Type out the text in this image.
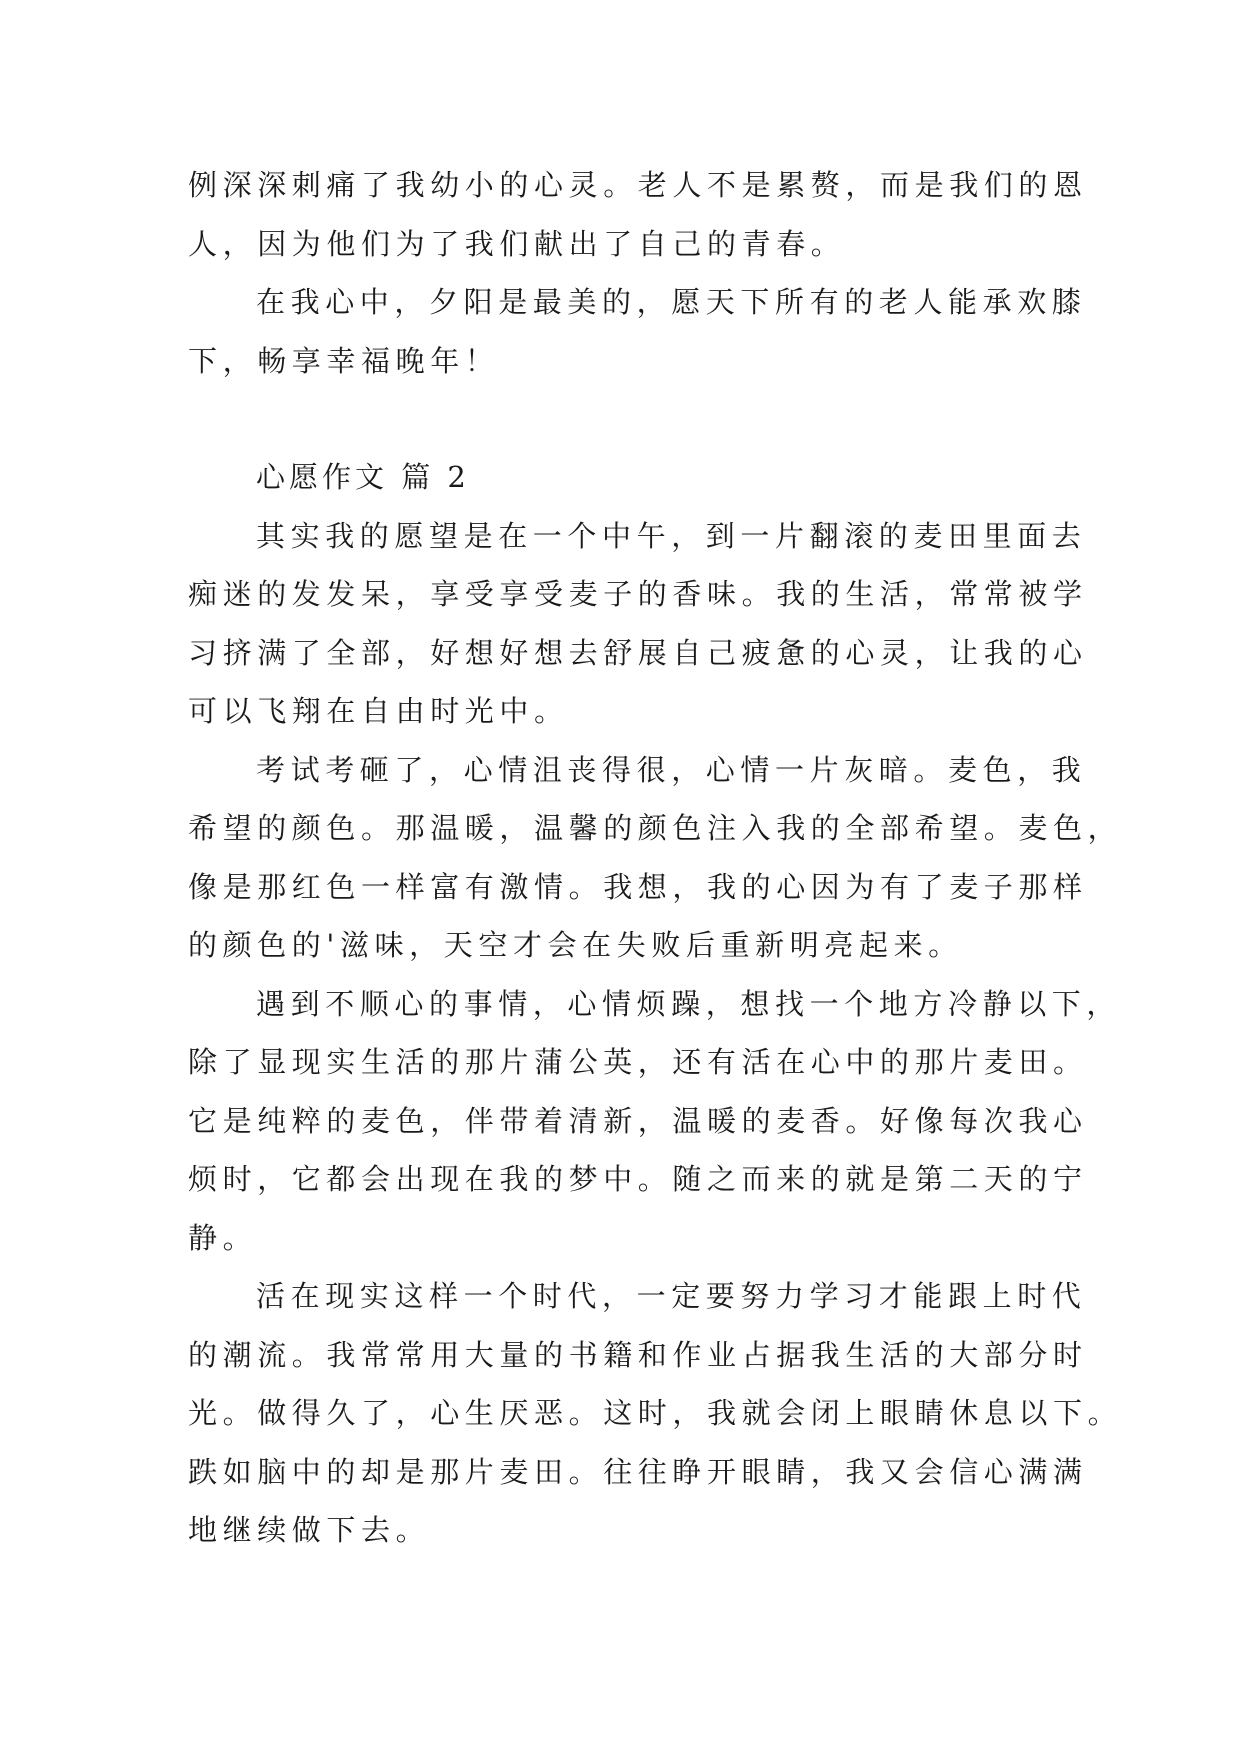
例深深刺痛了我幼小的心灵。老人不是累赘，而是我们的恩
人，因为他们为了我们献出了自己的青春。
在我心中，夕阳是最美的，愿天下所有的老人能承欢膝
下，畅享幸福晚年！
心愿作文 篇 2
其实我的愿望是在一个中午，到一片翻滚的麦田里面去
痴迷的发发呆，享受享受麦子的香味。我的生活，常常被学
习挤满了全部，好想好想去舒展自己疲惫的心灵，让我的心
可以飞翔在自由时光中。
考试考砸了，心情沮丧得很，心情一片灰暗。麦色，我
希望的颜色。那温暖，温馨的颜色注入我的全部希望。麦色，
像是那红色一样富有激情。我想，我的心因为有了麦子那样
的颜色的'滋味，天空才会在失败后重新明亮起来。
遇到不顺心的事情，心情烦躁，想找一个地方冷静以下，
除了显现实生活的那片蒲公英，还有活在心中的那片麦田。
它是纯粹的麦色，伴带着清新，温暖的麦香。好像每次我心
烦时，它都会出现在我的梦中。随之而来的就是第二天的宁
静。
活在现实这样一个时代，一定要努力学习才能跟上时代
的潮流。我常常用大量的书籍和作业占据我生活的大部分时
光。做得久了，心生厌恶。这时，我就会闭上眼睛休息以下。
跌如脑中的却是那片麦田。往往睁开眼睛，我又会信心满满
地继续做下去。
